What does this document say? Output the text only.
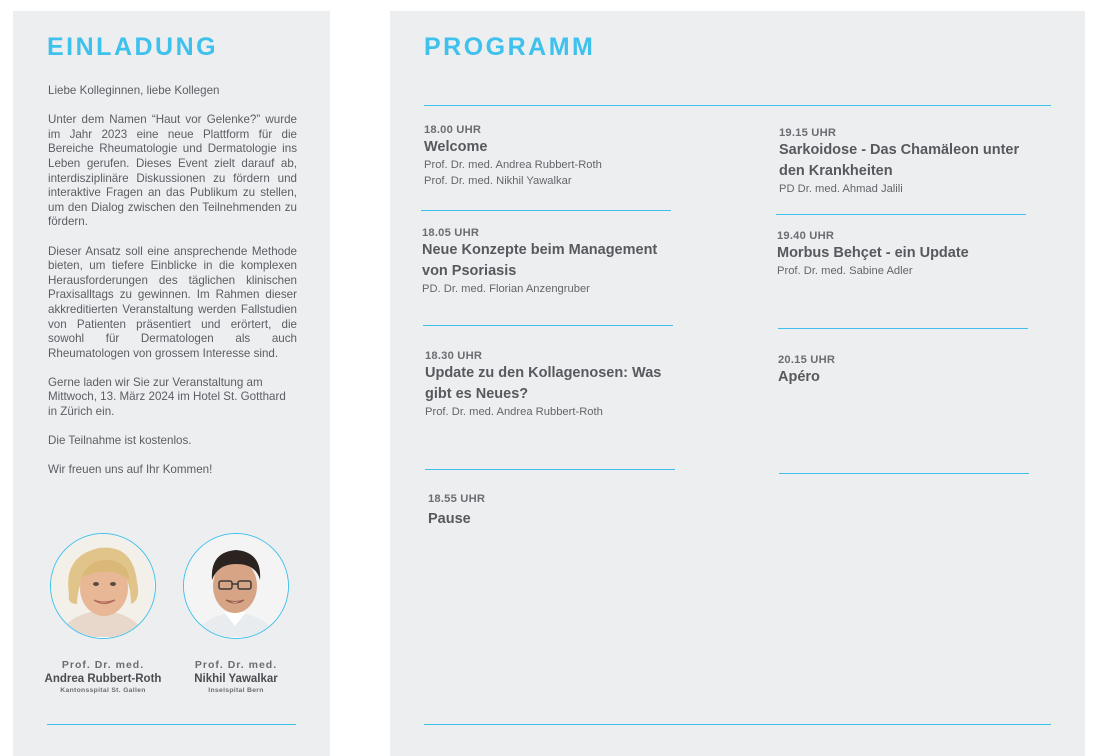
EINLADUNG

Liebe Kolleginnen, liebe Kollegen

Unter dem Namen “Haut vor Gelenke?” wurde im Jahr 2023 eine neue Plattform für die Bereiche Rheumatologie und Dermatologie ins Leben gerufen. Dieses Event zielt darauf ab, interdisziplinäre Diskussionen zu fördern und interaktive Fragen an das Publikum zu stellen, um den Dialog zwischen den Teilnehmenden zu fördern.

Dieser Ansatz soll eine ansprechende Methode bieten, um tiefere Einblicke in die komplexen Herausforderungen des täglichen klinischen Praxisalltags zu gewinnen. Im Rahmen dieser akkreditierten Veranstaltung werden Fallstudien von Patienten präsentiert und erörtert, die sowohl für Dermatologen als auch Rheumatologen von grossem Interesse sind.

Gerne laden wir Sie zur Veranstaltung am Mittwoch, 13. März 2024 im Hotel St. Gotthard in Zürich ein.

Die Teilnahme ist kostenlos.

Wir freuen uns auf Ihr Kommen!

Prof. Dr. med.
Andrea Rubbert-Roth
Kantonsspital St. Gallen
Prof. Dr. med.
Nikhil Yawalkar
Inselspital Bern
PROGRAMM
18.00 UHR
Welcome
Prof. Dr. med. Andrea Rubbert-Roth
Prof. Dr. med. Nikhil Yawalkar
18.05 UHR
Neue Konzepte beim Management von Psoriasis
PD. Dr. med. Florian Anzengruber
18.30 UHR
Update zu den Kollagenosen: Was gibt es Neues?
Prof. Dr. med. Andrea Rubbert-Roth
18.55 UHR
Pause
19.15 UHR
Sarkoidose - Das Chamäleon unter den Krankheiten
PD Dr. med. Ahmad Jalili
19.40 UHR
Morbus Behçet - ein Update
Prof. Dr. med. Sabine Adler
20.15 UHR
Apéro
